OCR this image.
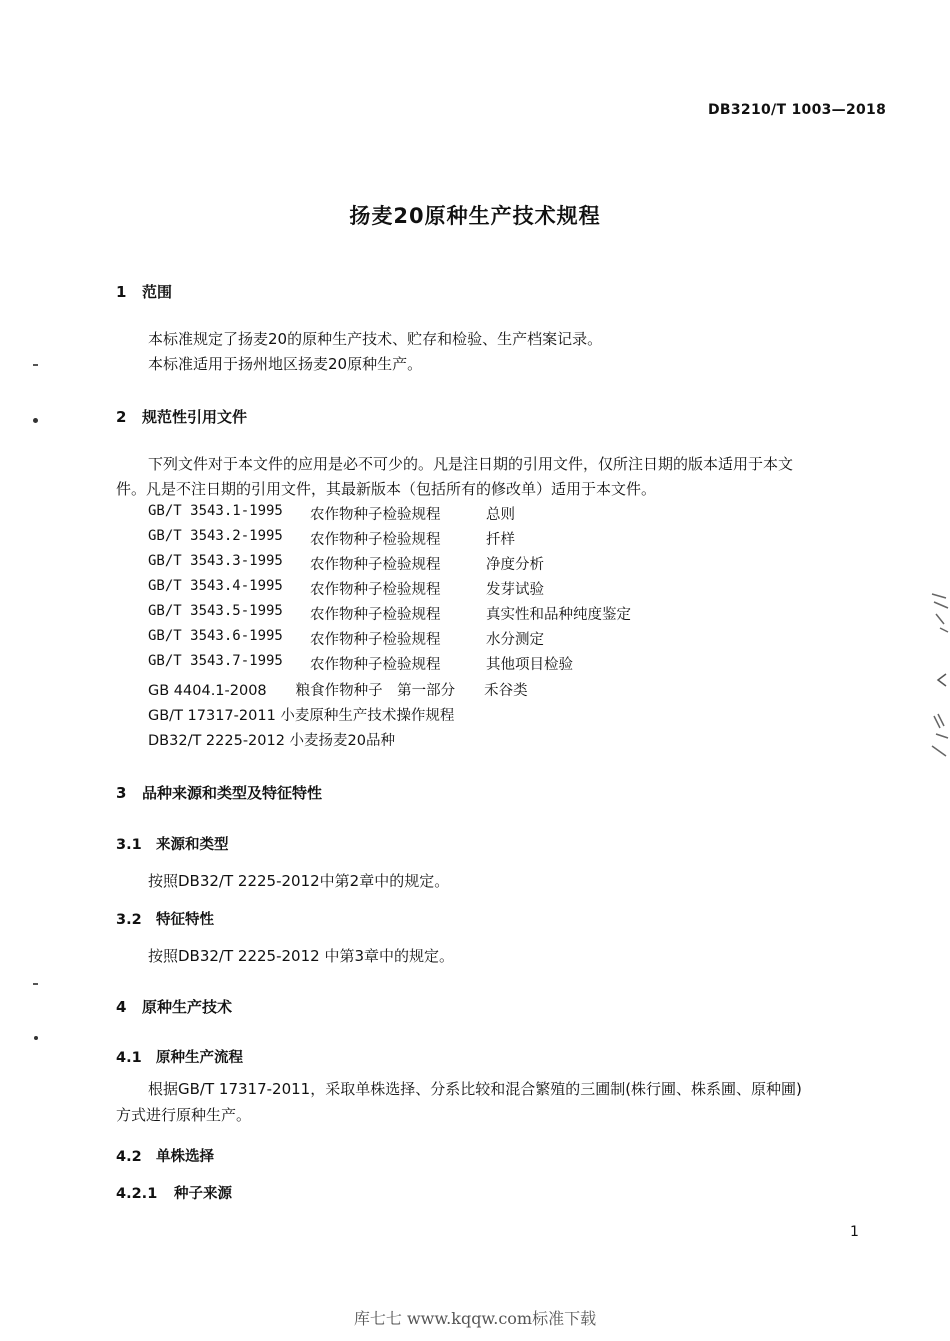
DB3210/T 1003—2018
扬麦20原种生产技术规程
1 范围
本标准规定了扬麦20的原种生产技术、贮存和检验、生产档案记录。
本标准适用于扬州地区扬麦20原种生产。
2 规范性引用文件
下列文件对于本文件的应用是必不可少的。凡是注日期的引用文件，仅所注日期的版本适用于本文
件。凡是不注日期的引用文件，其最新版本（包括所有的修改单）适用于本文件。
GB/T 3543.1-1995 农作物种子检验规程	总则
GB/T 3543.2-1995 农作物种子检验规程	扦样
GB/T 3543.3-1995 农作物种子检验规程	净度分析
GB/T 3543.4-1995 农作物种子检验规程	发芽试验
GB/T 3543.5-1995 农作物种子检验规程	真实性和品种纯度鉴定
GB/T 3543.6-1995 农作物种子检验规程	水分测定
GB/T 3543.7-1995 农作物种子检验规程	其他项目检验
GB 4404.1-2008　　粮食作物种子　第一部分　　禾谷类
GB/T 17317-2011 小麦原种生产技术操作规程
DB32/T 2225-2012 小麦扬麦20品种
3 品种来源和类型及特征特性
3.1 来源和类型
按照DB32/T 2225-2012中第2章中的规定。
3.2 特征特性
按照DB32/T 2225-2012 中第3章中的规定。
4 原种生产技术
4.1 原种生产流程
根据GB/T 17317-2011，采取单株选择、分系比较和混合繁殖的三圃制(株行圃、株系圃、原种圃)
方式进行原种生产。
4.2 单株选择
4.2.1 种子来源
1
库七七 www.kqqw.com标准下载
